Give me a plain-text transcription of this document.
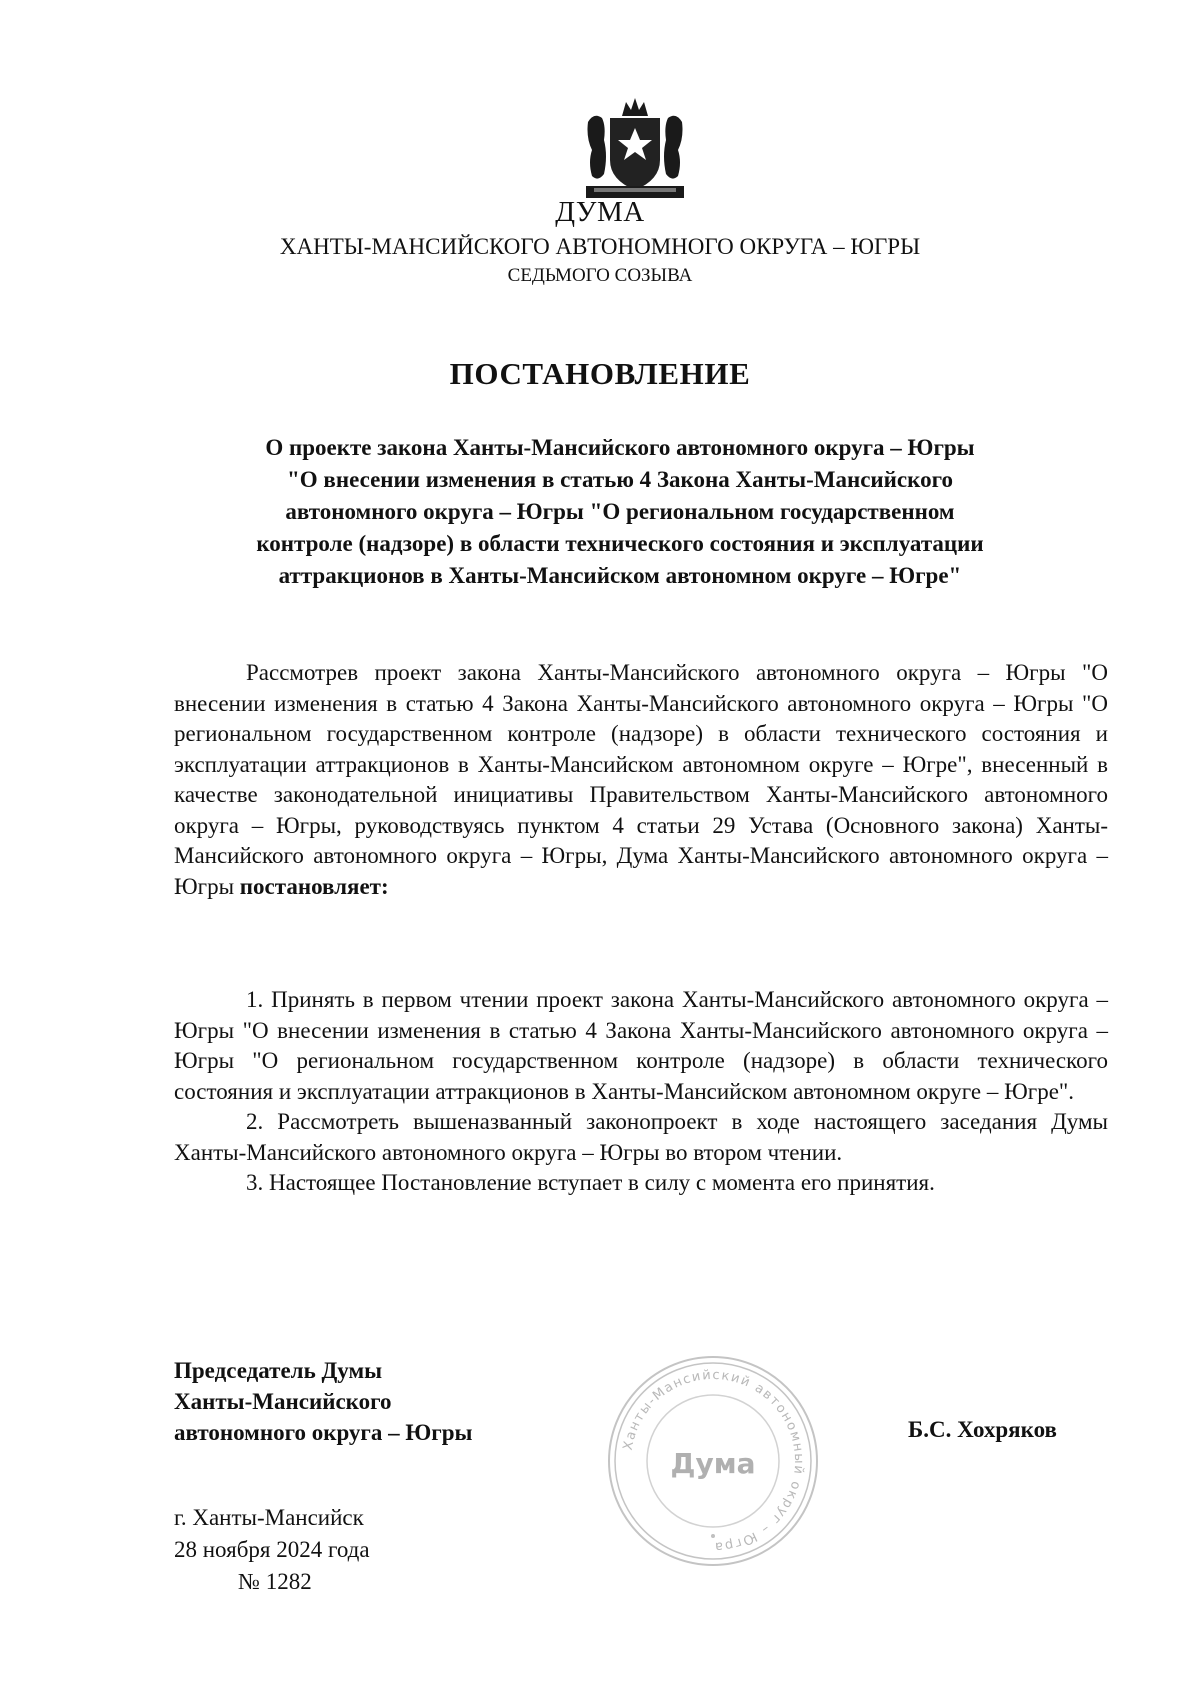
ДУМА
ХАНТЫ-МАНСИЙСКОГО АВТОНОМНОГО ОКРУГА – ЮГРЫ
СЕДЬМОГО СОЗЫВА
ПОСТАНОВЛЕНИЕ
О проекте закона Ханты-Мансийского автономного округа – Югры
"О внесении изменения в статью 4 Закона Ханты-Мансийского
автономного округа – Югры "О региональном государственном
контроле (надзоре) в области технического состояния и эксплуатации
аттракционов в Ханты-Мансийском автономном округе – Югре"

Рассмотрев проект закона Ханты-Мансийского автономного округа – Югры "О внесении изменения в статью 4 Закона Ханты-Мансийского автономного округа – Югры "О региональном государственном контроле (надзоре) в области технического состояния и эксплуатации аттракционов в Ханты-Мансийском автономном округе – Югре", внесенный в качестве законодательной инициативы Правительством Ханты-Мансийского автономного округа – Югры, руководствуясь пунктом 4 статьи 29 Устава (Основного закона) Ханты-Мансийского автономного округа – Югры, Дума Ханты-Мансийского автономного округа – Югры постановляет:

1. Принять в первом чтении проект закона Ханты-Мансийского автономного округа – Югры "О внесении изменения в статью 4 Закона Ханты-Мансийского автономного округа – Югры "О региональном государственном контроле (надзоре) в области технического состояния и эксплуатации аттракционов в Ханты-Мансийском автономном округе – Югре".

2. Рассмотреть вышеназванный законопроект в ходе настоящего заседания Думы Ханты-Мансийского автономного округа – Югры во втором чтении.

3. Настоящее Постановление вступает в силу с момента его принятия.

Председатель Думы
Ханты-Мансийского
автономного округа – Югры	Ханты-Мансийский автономный округ – Югра
Дума
Б.С. Хохряков
г. Ханты-Мансийск
28 ноября 2024 года
№ 1282
